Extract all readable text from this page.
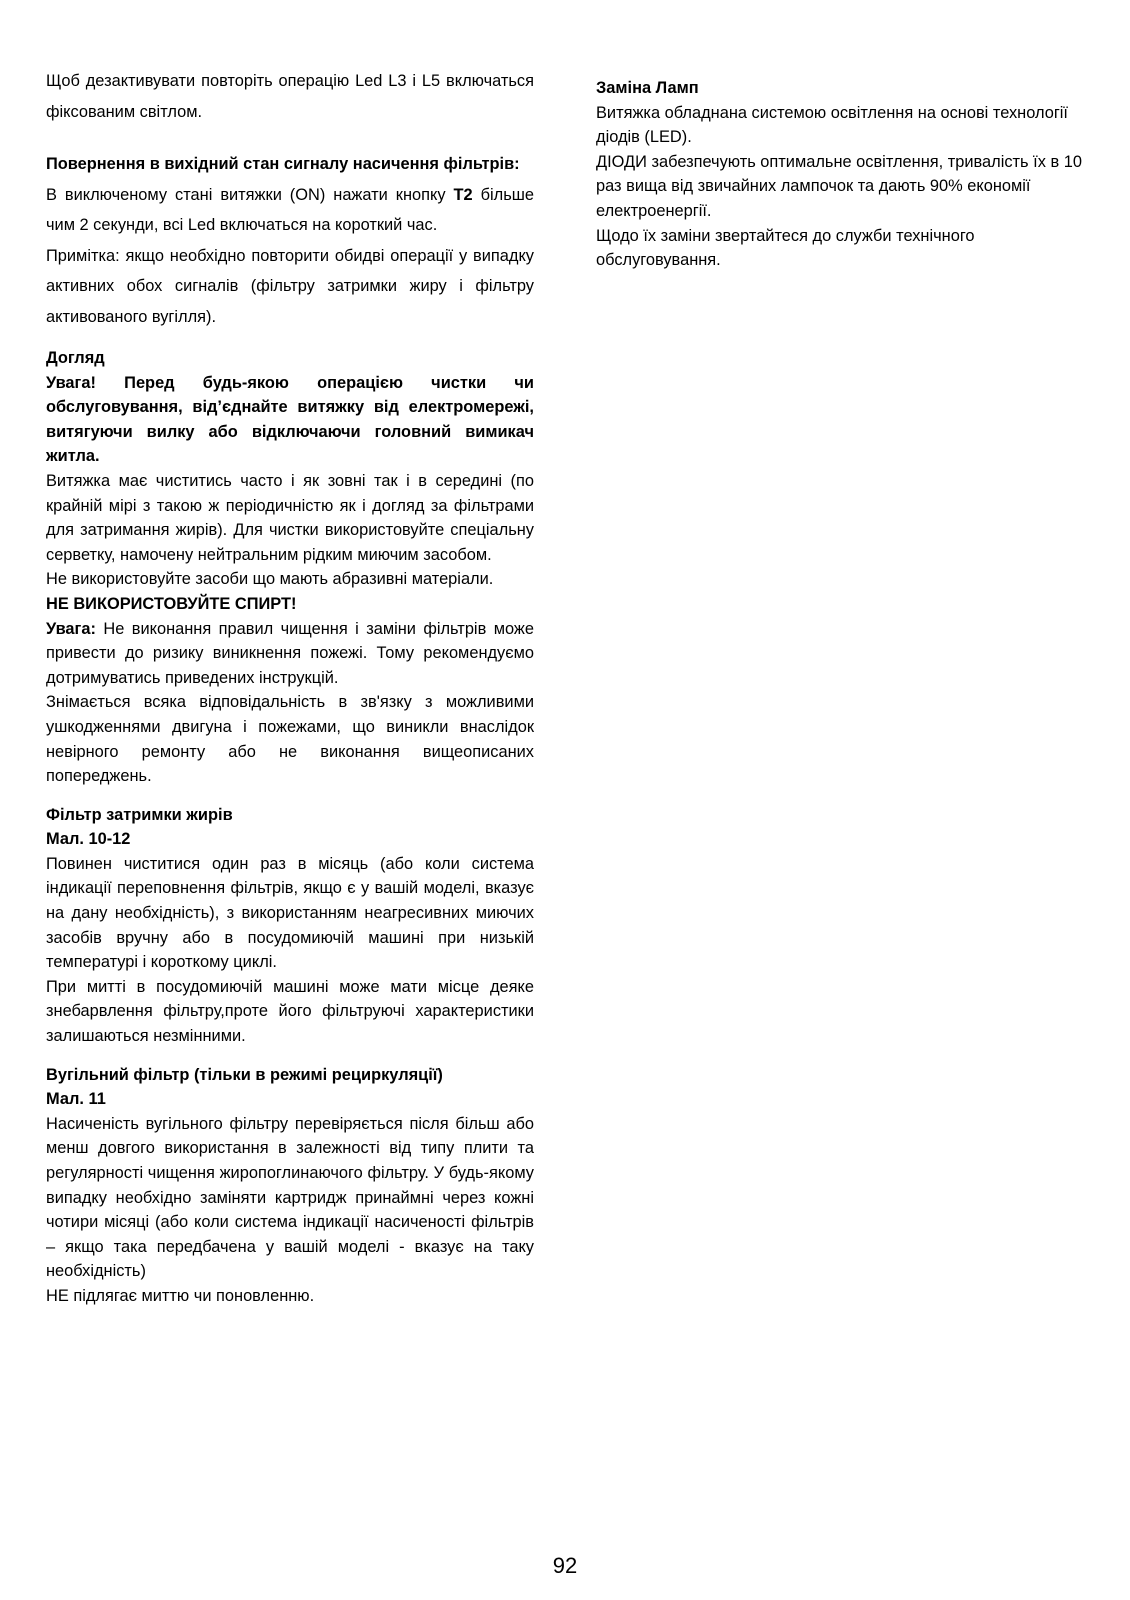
Щоб дезактивувати повторіть операцію Led L3 і L5 включаться фіксованим світлом.

Повернення в вихідний стан сигналу насичення фільтрів:

В виключеному стані витяжки (ON) нажати кнопку T2 більше чим 2 секунди, всі Led включаться на короткий час.

Примітка: якщо необхідно повторити обидві операції у випадку активних обох сигналів (фільтру затримки жиру і фільтру активованого вугілля).

Догляд

Увага! Перед будь-якою операцією чистки чи обслуговування, від’єднайте витяжку від електромережі, витягуючи вилку або відключаючи головний вимикач житла.

Витяжка має чиститись часто і як зовні так і в середині (по крайній мірі з такою ж періодичністю як і догляд за фільтрами для затримання жирів). Для чистки використовуйте спеціальну серветку, намочену нейтральним рідким миючим засобом.

Не використовуйте засоби що мають абразивні матеріали.

НЕ ВИКОРИСТОВУЙТЕ СПИРТ!

Увага: Не виконання правил чищення і заміни фільтрів може привести до ризику виникнення пожежі. Тому рекомендуємо дотримуватись приведених інструкцій.

Знімається всяка відповідальність в зв'язку з можливими ушкодженнями двигуна і пожежами, що виникли внаслідок невірного ремонту або не виконання вищеописаних попереджень.

Фільтр затримки жирів

Мал. 10-12

Повинен чиститися один раз в місяць (або коли система індикації переповнення фільтрів, якщо є у вашій моделі, вказує на дану необхідність), з використанням неагресивних миючих засобів вручну або в посудомиючій машині при низькій температурі і короткому циклі.

При митті в посудомиючій машині може мати місце деяке знебарвлення фільтру,проте його фільтруючі характеристики залишаються незмінними.

Вугільний фільтр (тільки в режимі рециркуляції)

Мал. 11

Насиченість вугільного фільтру перевіряється після більш або менш довгого використання в залежності від типу плити та регулярності чищення жиропоглинаючого фільтру. У будь-якому випадку необхідно заміняти картридж принаймні через кожні чотири місяці (або коли система індикації насиченості фільтрів – якщо така передбачена у вашій моделі - вказує на таку необхідність)

НЕ підлягає миттю чи поновленню.

Заміна Ламп

Витяжка обладнана системою освітлення на основі технології діодів (LED).

ДІОДИ забезпечують оптимальне освітлення, тривалість їх в 10 раз вища від звичайних лампочок та дають 90% економії електроенергії.

Щодо їх заміни звертайтеся до служби технічного обслуговування.

92
